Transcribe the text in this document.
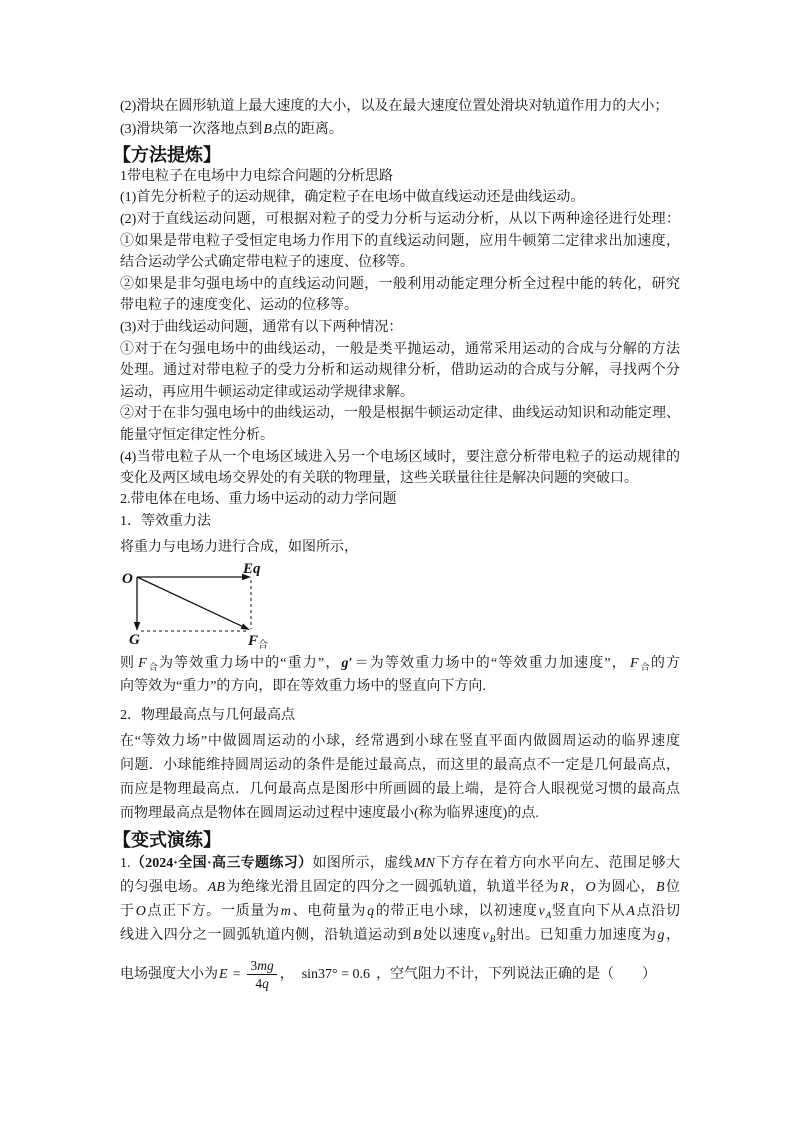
(2)滑块在圆形轨道上最大速度的大小，以及在最大速度位置处滑块对轨道作用力的大小；
(3)滑块第一次落地点到B点的距离。
【方法提炼】
1带电粒子在电场中力电综合问题的分析思路
(1)首先分析粒子的运动规律，确定粒子在电场中做直线运动还是曲线运动。
(2)对于直线运动问题，可根据对粒子的受力分析与运动分析，从以下两种途径进行处理：
①如果是带电粒子受恒定电场力作用下的直线运动问题，应用牛顿第二定律求出加速度，
结合运动学公式确定带电粒子的速度、位移等。
②如果是非匀强电场中的直线运动问题，一般利用动能定理分析全过程中能的转化，研究
带电粒子的速度变化、运动的位移等。
(3)对于曲线运动问题，通常有以下两种情况：
①对于在匀强电场中的曲线运动，一般是类平抛运动，通常采用运动的合成与分解的方法
处理。通过对带电粒子的受力分析和运动规律分析，借助运动的合成与分解，寻找两个分
运动，再应用牛顿运动定律或运动学规律求解。
②对于在非匀强电场中的曲线运动，一般是根据牛顿运动定律、曲线运动知识和动能定理、
能量守恒定律定性分析。
(4)当带电粒子从一个电场区域进入另一个电场区域时，要注意分析带电粒子的运动规律的
变化及两区域电场交界处的有关联的物理量，这些关联量往往是解决问题的突破口。
2.带电体在电场、重力场中运动的动力学问题
1．等效重力法
将重力与电场力进行合成，如图所示，
O
Eq
G	F 合
则 $F_合$为等效重力场中的“重力”，g′＝为等效重力场中的“等效重力加速度”， $F_合$的方
向等效为“重力”的方向，即在等效重力场中的竖直向下方向.
2．物理最高点与几何最高点
在“等效力场”中做圆周运动的小球，经常遇到小球在竖直平面内做圆周运动的临界速度
问题．小球能维持圆周运动的条件是能过最高点，而这里的最高点不一定是几何最高点，
而应是物理最高点．几何最高点是图形中所画圆的最上端，是符合人眼视觉习惯的最高点
而物理最高点是物体在圆周运动过程中速度最小(称为临界速度)的点.
【变式演练】
1.（2024·全国·高三专题练习）如图所示，虚线MN下方存在着方向水平向左、范围足够大
的匀强电场。AB为绝缘光滑且固定的四分之一圆弧轨道，轨道半径为R，O为圆心，B位
于O点正下方。一质量为m、电荷量为q的带正电小球，以初速度$v_A$竖直向下从A点沿切
线进入四分之一圆弧轨道内侧，沿轨道运动到B处以速度$v_B$射出。已知重力加速度为g，
电场强度大小为$E = \frac{3mg}{4q}$ ， sin37° = 0.6 ，空气阻力不计，下列说法正确的是（　　）
